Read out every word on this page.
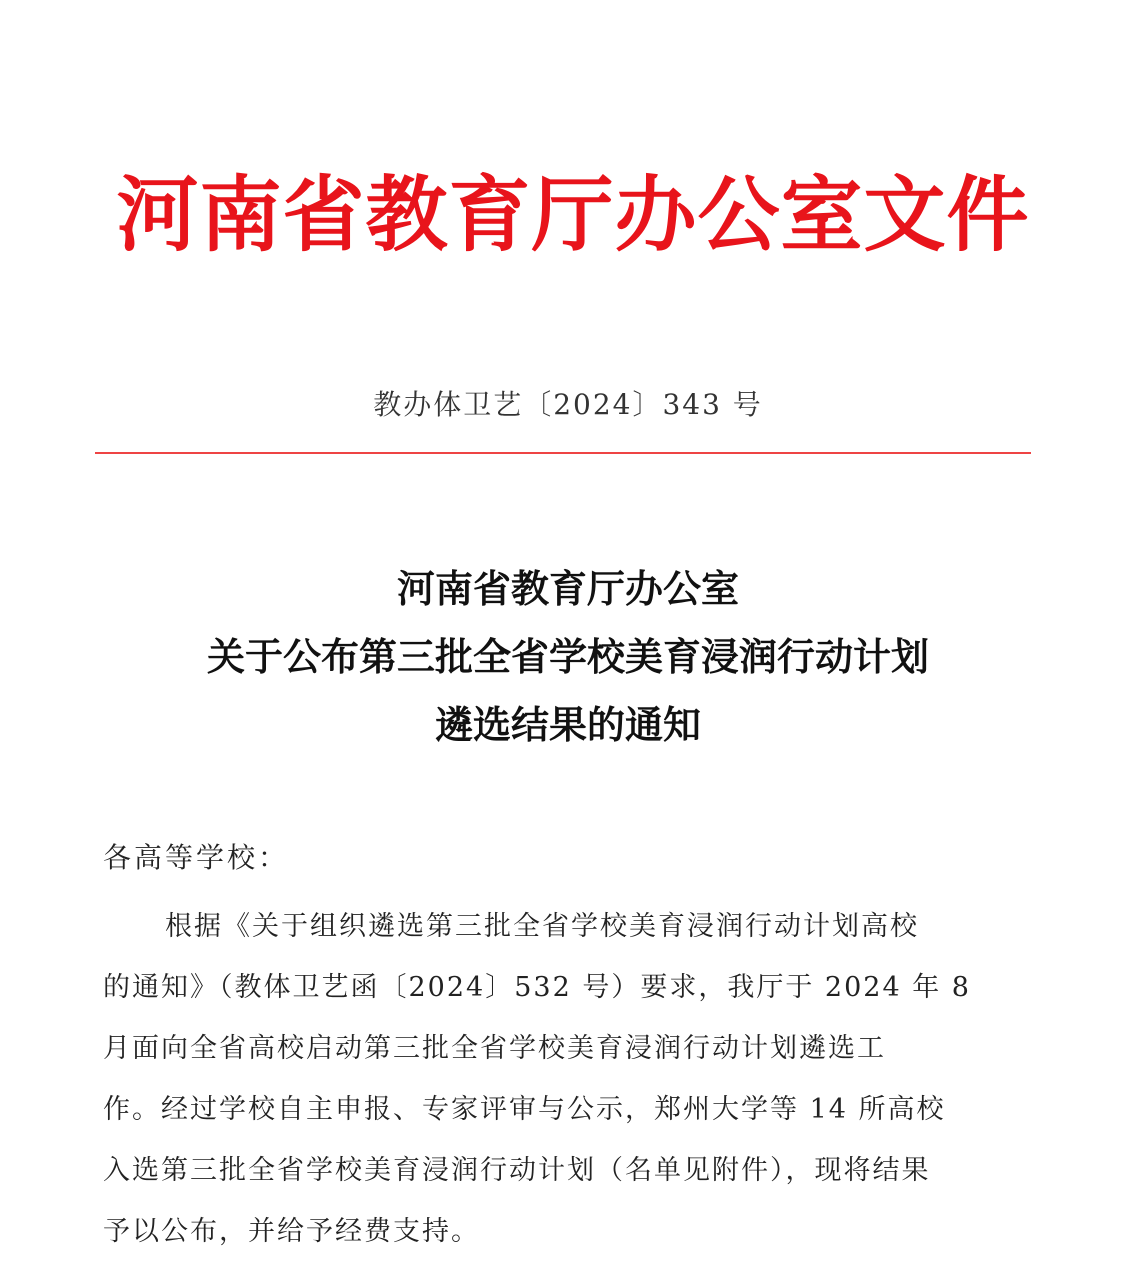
河南省教育厅办公室文件
教办体卫艺〔2024〕343 号
河南省教育厅办公室
关于公布第三批全省学校美育浸润行动计划
遴选结果的通知
各高等学校：
根据《关于组织遴选第三批全省学校美育浸润行动计划高校
的通知》（教体卫艺函〔2024〕532 号）要求，我厅于 2024 年 8
月面向全省高校启动第三批全省学校美育浸润行动计划遴选工
作。经过学校自主申报、专家评审与公示，郑州大学等 14 所高校
入选第三批全省学校美育浸润行动计划（名单见附件），现将结果
予以公布，并给予经费支持。
